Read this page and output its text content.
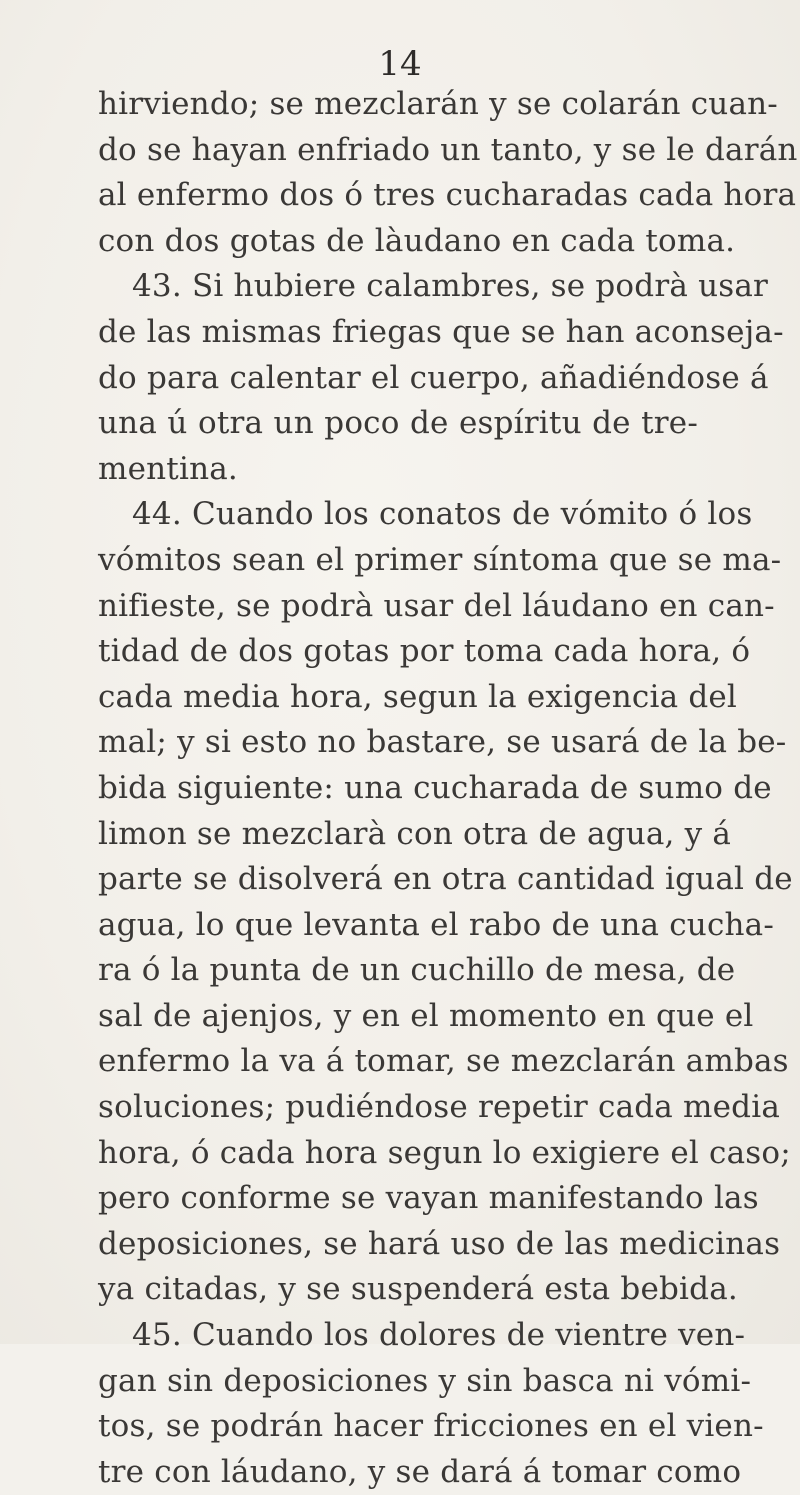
14
hirviendo; se mezclarán y se colarán cuan-
do se hayan enfriado un tanto, y se le darán
al enfermo dos ó tres cucharadas cada hora
con dos gotas de làudano en cada toma.
43. Si hubiere calambres, se podrà usar
de las mismas friegas que se han aconseja-
do para calentar el cuerpo, añadiéndose á
una ú otra un poco de espíritu de tre-
mentina.
44. Cuando los conatos de vómito ó los
vómitos sean el primer síntoma que se ma-
nifieste, se podrà usar del láudano en can-
tidad de dos gotas por toma cada hora, ó
cada media hora, segun la exigencia del
mal; y si esto no bastare, se usará de la be-
bida siguiente: una cucharada de sumo de
limon se mezclarà con otra de agua, y á
parte se disolverá en otra cantidad igual de
agua, lo que levanta el rabo de una cucha-
ra ó la punta de un cuchillo de mesa, de
sal de ajenjos, y en el momento en que el
enfermo la va á tomar, se mezclarán ambas
soluciones; pudiéndose repetir cada media
hora, ó cada hora segun lo exigiere el caso;
pero conforme se vayan manifestando las
deposiciones, se hará uso de las medicinas
ya citadas, y se suspenderá esta bebida.
45. Cuando los dolores de vientre ven-
gan sin deposiciones y sin basca ni vómi-
tos, se podrán hacer fricciones en el vien-
tre con láudano, y se dará á tomar como
